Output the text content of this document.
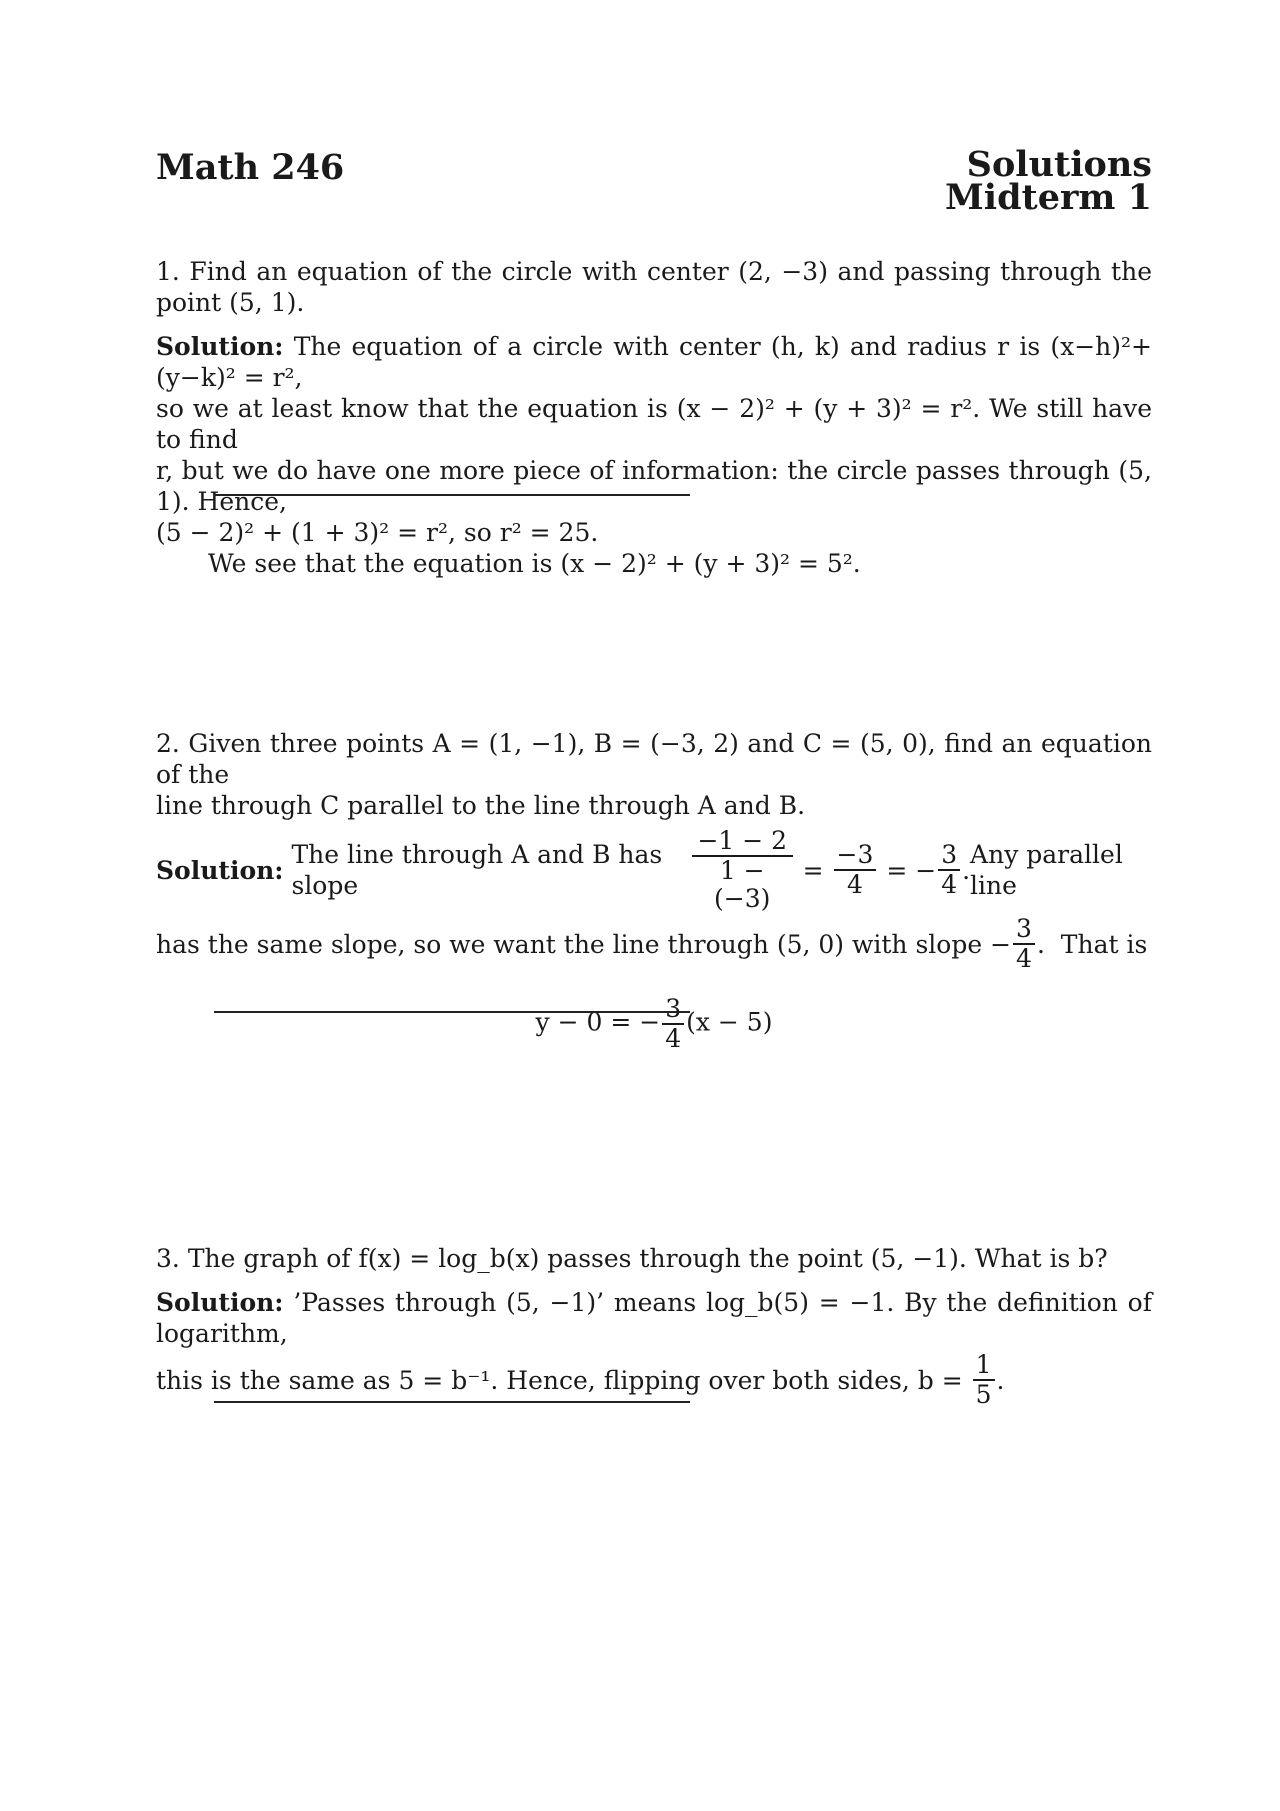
Math 246	Solutions
Midterm 1

1. Find an equation of the circle with center (2, −3) and passing through the point (5, 1).

Solution: The equation of a circle with center (h, k) and radius r is (x−h)²+(y−k)² = r²,
so we at least know that the equation is (x − 2)² + (y + 3)² = r². We still have to find
r, but we do have one more piece of information: the circle passes through (5, 1). Hence,
(5 − 2)² + (1 + 3)² = r², so r² = 25.

We see that the equation is (x − 2)² + (y + 3)² = 5².

2. Given three points A = (1, −1), B = (−3, 2) and C = (5, 0), find an equation of the
line through C parallel to the line through A and B.

Solution:

The line through A and B has slope
	$\frac{-1 - 2}{1 - (-3)} = \frac{-3}{4}$ = − $\frac{3}{4}$ .
Any parallel line
has the same slope, so we want the line through (5, 0) with slope − $\frac{3}{4}$ . That is
y − 0 = − $\frac{3}{4} (x - 5)$

3. The graph of f(x) = log_b(x) passes through the point (5, −1). What is b?

Solution: ’Passes through (5, −1)’ means log_b(5) = −1. By the definition of logarithm,

this is the same as 5 = b⁻¹. Hence, flipping over both sides, b =
$\frac{1}{5}$ .
